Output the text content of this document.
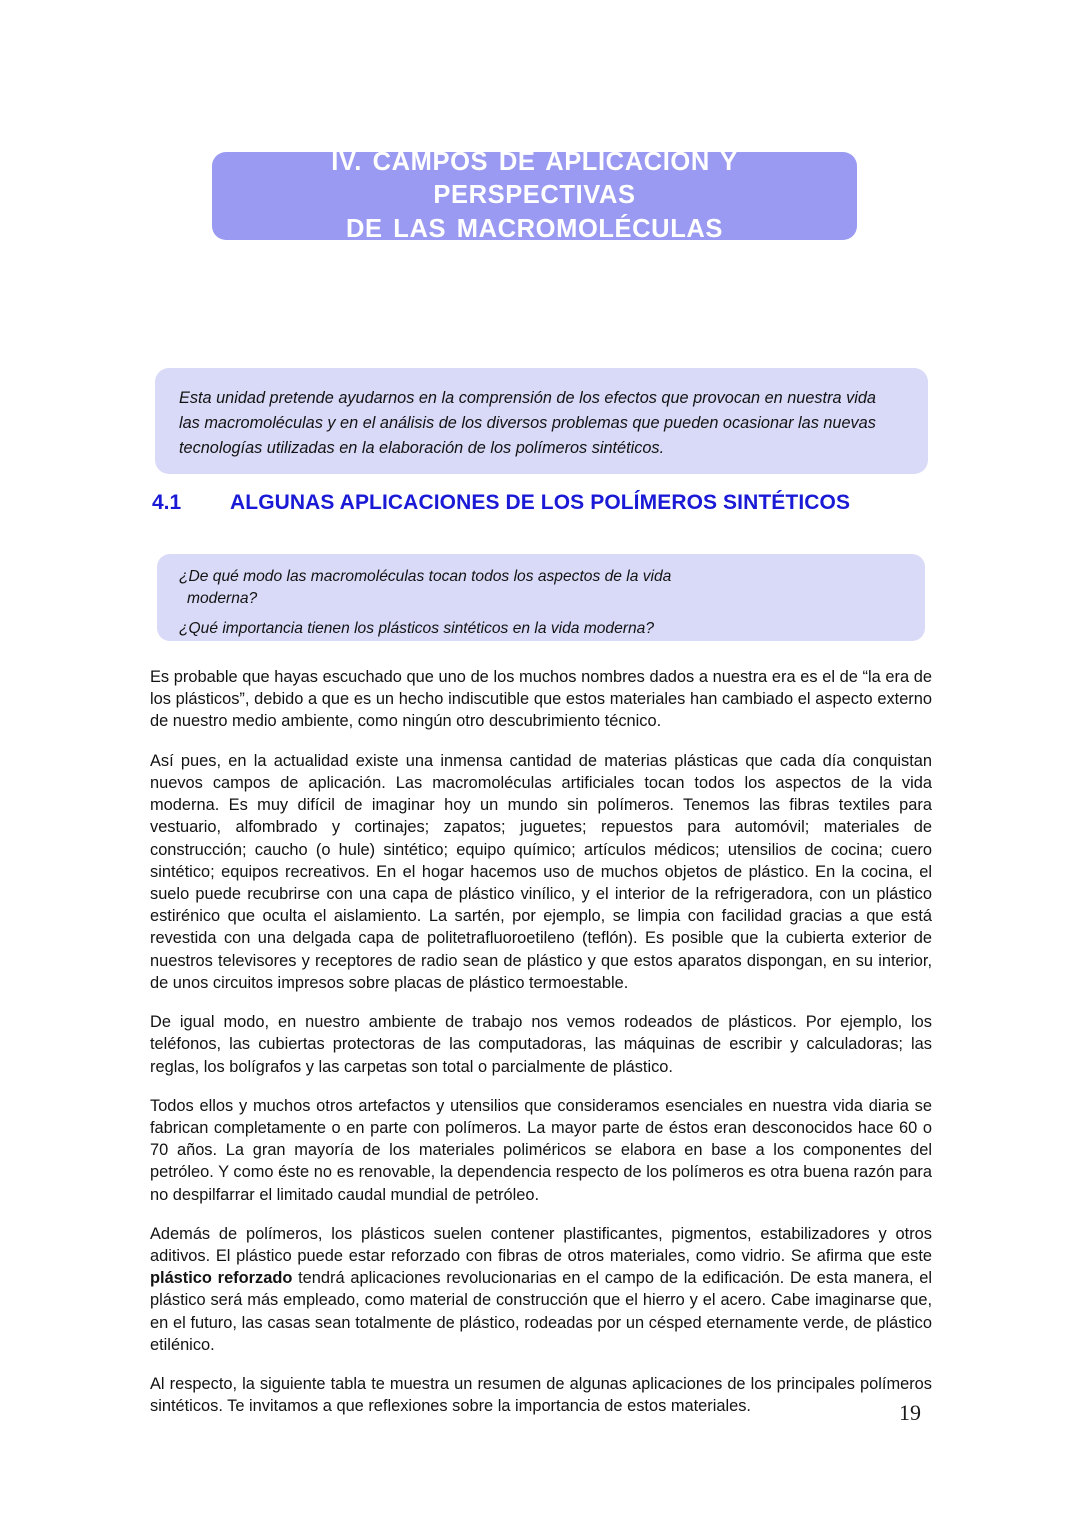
IV. CAMPOS DE APLICACIÓN Y PERSPECTIVAS
DE LAS MACROMOLÉCULAS

Esta unidad pretende ayudarnos en la comprensión de los efectos que provocan en nuestra vida las macromoléculas y en el análisis de los diversos problemas que pueden ocasionar las nuevas tecnologías utilizadas en la elaboración de los polímeros sintéticos.

4.1	ALGUNAS APLICACIONES DE LOS POLÍMEROS SINTÉTICOS

¿De qué modo las macromoléculas tocan todos los aspectos de la vida
moderna?

¿Qué importancia tienen los plásticos sintéticos en la vida moderna?

Es probable que hayas escuchado que uno de los muchos nombres dados a nuestra era es el de “la era de los plásticos”, debido a que es un hecho indiscutible que estos materiales han cambiado el aspecto externo de nuestro medio ambiente, como ningún otro descubrimiento técnico.

Así pues, en la actualidad existe una inmensa cantidad de materias plásticas que cada día conquistan nuevos campos de aplicación. Las macromoléculas artificiales tocan todos los aspectos de la vida moderna. Es muy difícil de imaginar hoy un mundo sin polímeros. Tenemos las fibras textiles para vestuario, alfombrado y cortinajes; zapatos; juguetes; repuestos para automóvil; materiales de construcción; caucho (o hule) sintético; equipo químico; artículos médicos; utensilios de cocina; cuero sintético; equipos recreativos. En el hogar hacemos uso de muchos objetos de plástico. En la cocina, el suelo puede recubrirse con una capa de plástico vinílico, y el interior de la refrigeradora, con un plástico estirénico que oculta el aislamiento. La sartén, por ejemplo, se limpia con facilidad gracias a que está revestida con una delgada capa de politetrafluoroetileno (teflón). Es posible que la cubierta exterior de nuestros televisores y receptores de radio sean de plástico y que estos aparatos dispongan, en su interior, de unos circuitos impresos sobre placas de plástico termoestable.

De igual modo, en nuestro ambiente de trabajo nos vemos rodeados de plásticos. Por ejemplo, los teléfonos, las cubiertas protectoras de las computadoras, las máquinas de escribir y calculadoras; las reglas, los bolígrafos y las carpetas son total o parcialmente de plástico.

Todos ellos y muchos otros artefactos y utensilios que consideramos esenciales en nuestra vida diaria se fabrican completamente o en parte con polímeros. La mayor parte de éstos eran desconocidos hace 60 o 70 años. La gran mayoría de los materiales poliméricos se elabora en base a los componentes del petróleo. Y como éste no es renovable, la dependencia respecto de los polímeros es otra buena razón para no despilfarrar el limitado caudal mundial de petróleo.

Además de polímeros, los plásticos suelen contener plastificantes, pigmentos, estabilizadores y otros aditivos. El plástico puede estar reforzado con fibras de otros materiales, como vidrio. Se afirma que este plástico reforzado tendrá aplicaciones revolucionarias en el campo de la edificación. De esta manera, el plástico será más empleado, como material de construcción que el hierro y el acero. Cabe imaginarse que, en el futuro, las casas sean totalmente de plástico, rodeadas por un césped eternamente verde, de plástico etilénico.

Al respecto, la siguiente tabla te muestra un resumen de algunas aplicaciones de los principales polímeros sintéticos. Te invitamos a que reflexiones sobre la importancia de estos materiales.	19
